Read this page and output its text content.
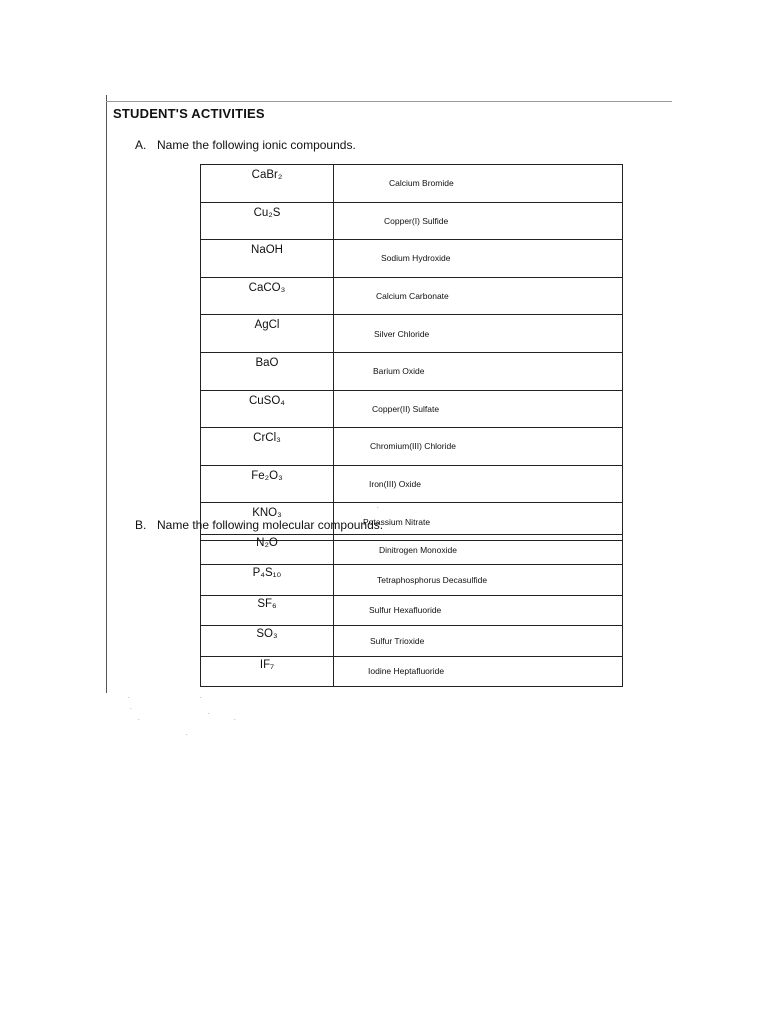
STUDENT'S ACTIVITIES

A. Name the following ionic compounds.

CaBr₂	Calcium Bromide
Cu₂S	Copper(I) Sulfide
NaOH	Sodium Hydroxide
CaCO₃	Calcium Carbonate
AgCl	Silver Chloride
BaO	Barium Oxide
CuSO₄	Copper(II) Sulfate
CrCl₃	Chromium(III) Chloride
Fe₂O₃	Iron(III) Oxide
KNO₃	Potassium Nitrate

B. Name the following molecular compounds.

N₂O	Dinitrogen Monoxide
P₄S₁₀	Tetraphosphorus Decasulfide
SF₆	Sulfur Hexafluoride
SO₃	Sulfur Trioxide
IF₇	Iodine Heptafluoride
.	.
.
.
.	.
.
.
